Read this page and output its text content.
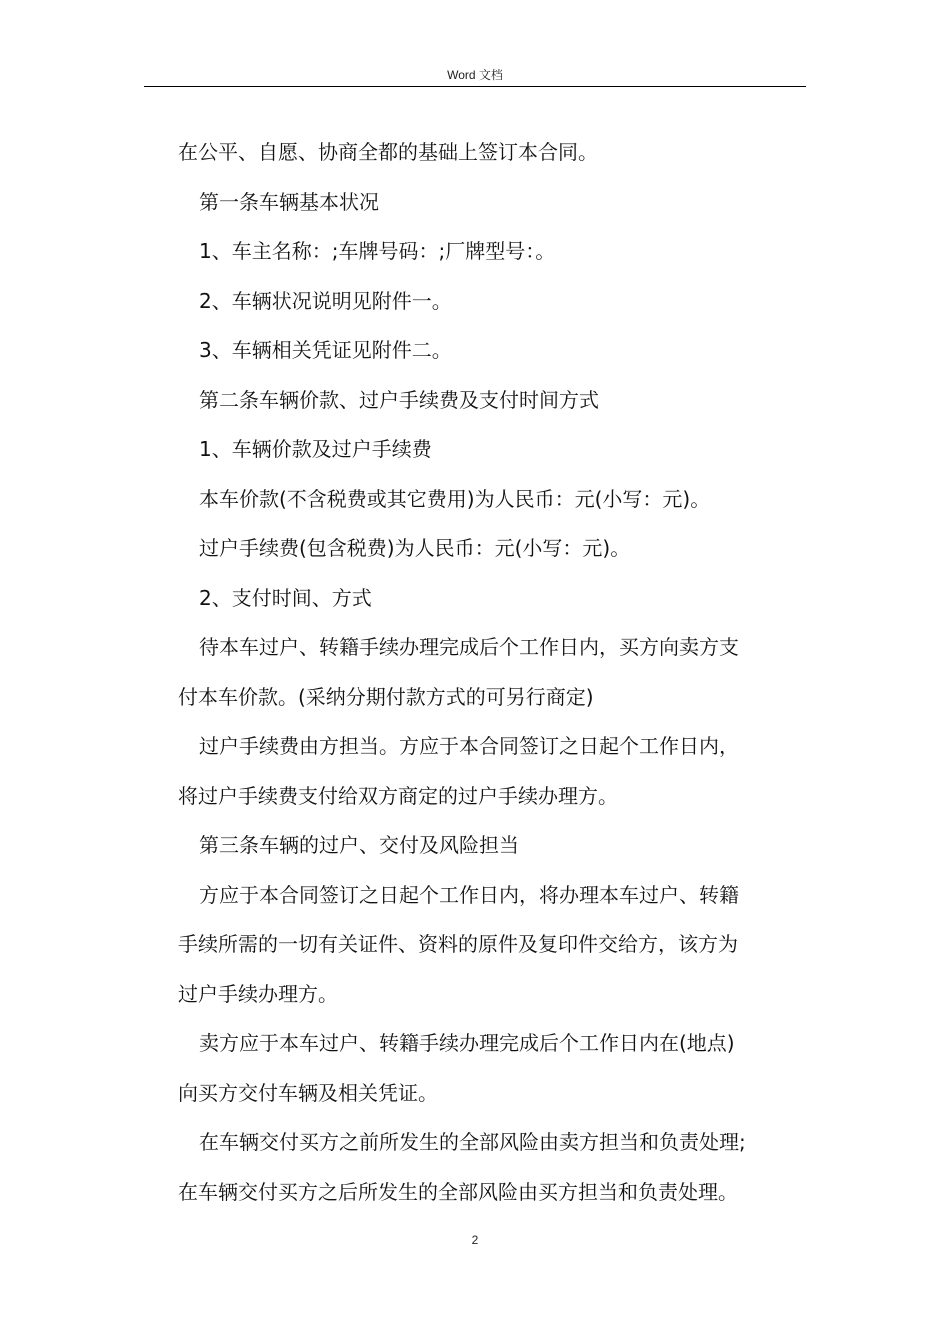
Word 文档

在公平、自愿、协商全都的基础上签订本合同。

第一条车辆基本状况

1、车主名称：;车牌号码：;厂牌型号：。

2、车辆状况说明见附件一。

3、车辆相关凭证见附件二。

第二条车辆价款、过户手续费及支付时间方式

1、车辆价款及过户手续费

本车价款(不含税费或其它费用)为人民币：元(小写：元)。

过户手续费(包含税费)为人民币：元(小写：元)。

2、支付时间、方式

待本车过户、转籍手续办理完成后个工作日内，买方向卖方支

付本车价款。(采纳分期付款方式的可另行商定)

过户手续费由方担当。方应于本合同签订之日起个工作日内，

将过户手续费支付给双方商定的过户手续办理方。

第三条车辆的过户、交付及风险担当

方应于本合同签订之日起个工作日内，将办理本车过户、转籍

手续所需的一切有关证件、资料的原件及复印件交给方，该方为

过户手续办理方。

卖方应于本车过户、转籍手续办理完成后个工作日内在(地点)

向买方交付车辆及相关凭证。

在车辆交付买方之前所发生的全部风险由卖方担当和负责处理;

在车辆交付买方之后所发生的全部风险由买方担当和负责处理。

2
